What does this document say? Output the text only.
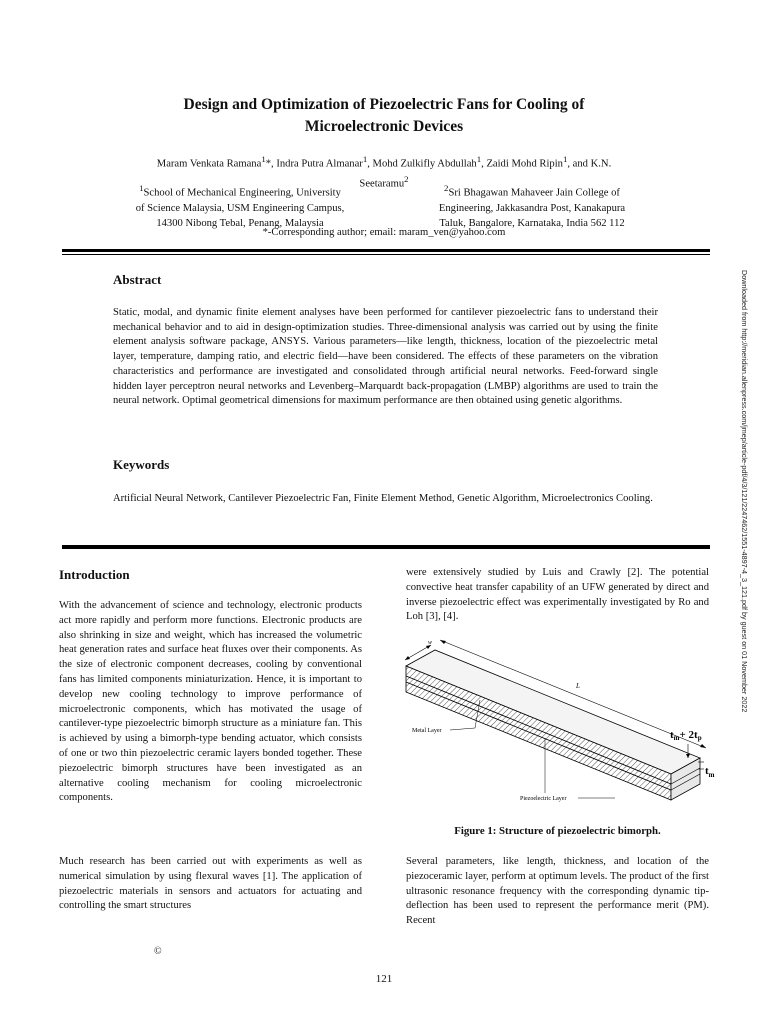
Design and Optimization of Piezoelectric Fans for Cooling of
Microelectronic Devices
Maram Venkata Ramana$^1$*, Indra Putra Almanar$^1$, Mohd Zulkifly Abdullah$^1$, Zaidi Mohd Ripin$^1$, and K.N.
Seetaramu$^2$
$^1$School of Mechanical Engineering, University
of Science Malaysia, USM Engineering Campus,
14300 Nibong Tebal, Penang, Malaysia
$^2$Sri Bhagawan Mahaveer Jain College of
Engineering, Jakkasandra Post, Kanakapura
Taluk, Bangalore, Karnataka, India 562 112
*-Corresponding author; email: maram_ven@yahoo.com
Abstract
Static, modal, and dynamic finite element analyses have been performed for cantilever piezoelectric fans to understand their mechanical behavior and to aid in design-optimization studies. Three-dimensional analysis was carried out by using the finite element analysis software package, ANSYS. Various parameters—like length, thickness, location of the piezoelectric metal layer, temperature, damping ratio, and electric field—have been considered. The effects of these parameters on the vibration characteristics and performance are investigated and consolidated through artificial neural networks. Feed-forward single hidden layer perceptron neural networks and Levenberg–Marquardt back-propagation (LMBP) algorithms are used to train the neural network. Optimal geometrical dimensions for maximum performance are then obtained using genetic algorithms.
Keywords
Artificial Neural Network, Cantilever Piezoelectric Fan, Finite Element Method, Genetic Algorithm, Microelectronics Cooling.
Introduction

With the advancement of science and technology, electronic products act more rapidly and perform more functions. Electronic products are also shrinking in size and weight, which has increased the volumetric heat generation rates and surface heat fluxes over their components. As the size of electronic component decreases, cooling by conventional fans has limited components miniaturization. Hence, it is important to develop new cooling technology to improve performance of microelectronic components, which has motivated the usage of cantilever-type piezoelectric bimorph structure as a miniature fan. This is achieved by using a bimorph-type bending actuator, which consists of one or two thin piezoelectric ceramic layers bonded together. These piezoelectric bimorph structures have been investigated as an alternative cooling mechanism for cooling microelectronic components.

Much research has been carried out with experiments as well as numerical simulation by using flexural waves [1]. The application of piezoelectric materials in sensors and actuators for actuating and controlling the smart structures

were extensively studied by Luis and Crawly [2]. The potential convective heat transfer capability of an UFW generated by direct and inverse piezoelectric effect was experimentally investigated by Ro and Loh [3], [4].

w
L
Metal Layer
Piezoelectric Layer
tm+ 2tp
$t_m$
Figure 1: Structure of piezoelectric bimorph.

Several parameters, like length, thickness, and location of the piezoceramic layer, perform at optimum levels. The product of the first ultrasonic resonance frequency with the corresponding dynamic tip-deflection has been used to represent the performance merit (PM). Recent

©
121
Downloaded from http://meridian.allenpress.com/jmep/article-pdf/4/3/121/2247462/1551-4897-4_3_121.pdf by guest on 01 November 2022
